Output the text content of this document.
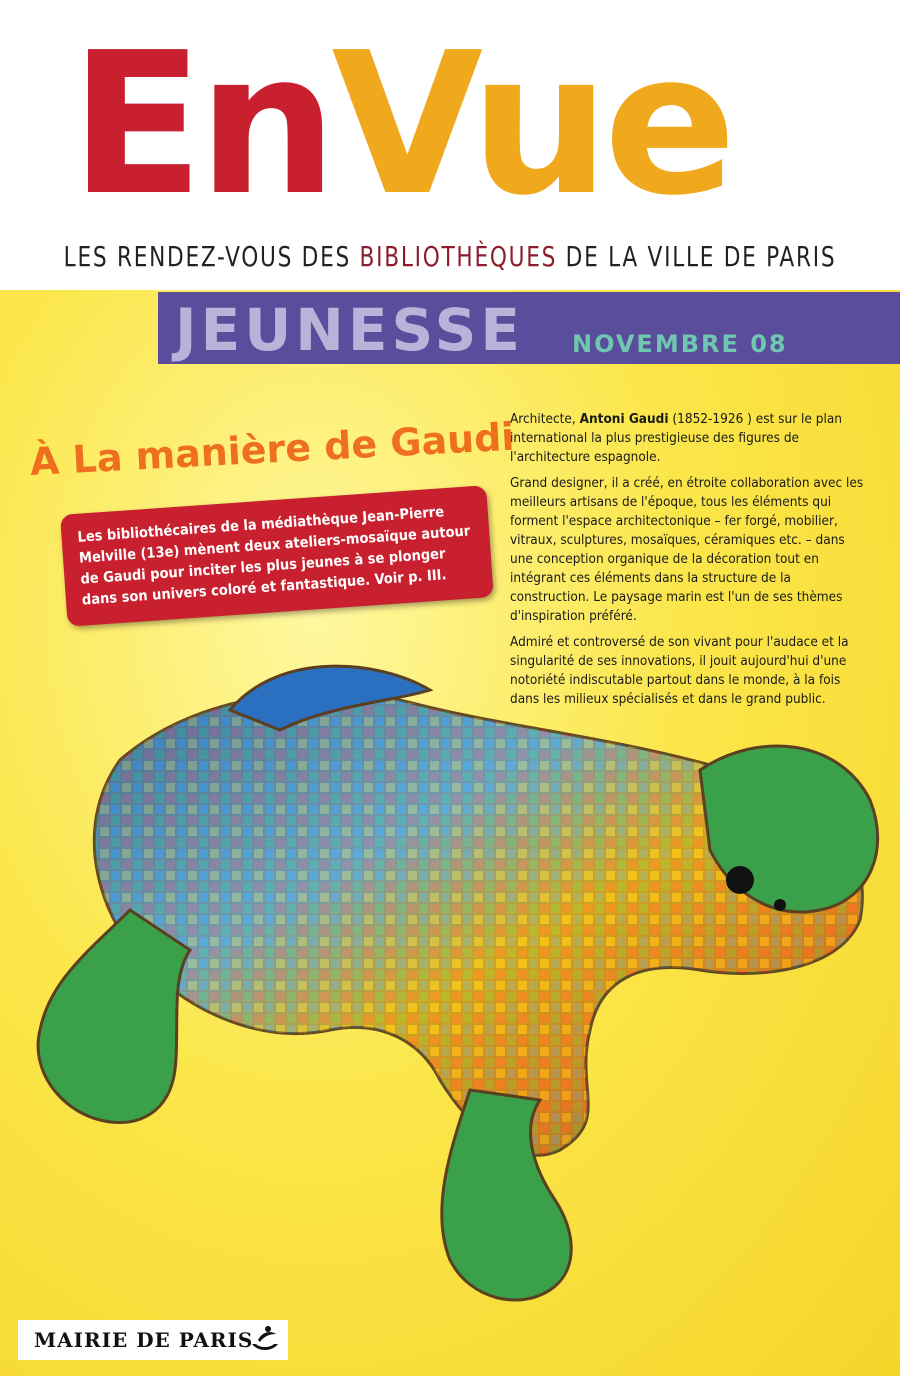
EnVue
LES RENDEZ-VOUS DES BIBLIOTHÈQUES DE LA VILLE DE PARIS
JEUNESSE NOVEMBRE 08
À La manière de Gaudi
Les bibliothécaires de la médiathèque Jean-Pierre Melville (13e) mènent deux ateliers-mosaïque autour de Gaudi pour inciter les plus jeunes à se plonger dans son univers coloré et fantastique. Voir p. III.

Architecte, Antoni Gaudi (1852-1926 ) est sur le plan international la plus prestigieuse des figures de l'architecture espagnole.

Grand designer, il a créé, en étroite collaboration avec les meilleurs artisans de l'époque, tous les éléments qui forment l'espace architectonique – fer forgé, mobilier, vitraux, sculptures, mosaïques, céramiques etc. – dans une conception organique de la décoration tout en intégrant ces éléments dans la structure de la construction. Le paysage marin est l'un de ses thèmes d'inspiration préféré.

Admiré et controversé de son vivant pour l'audace et la singularité de ses innovations, il jouit aujourd'hui d'une notoriété indiscutable partout dans le monde, à la fois dans les milieux spécialisés et dans le grand public.

MAIRIE DE PARIS
